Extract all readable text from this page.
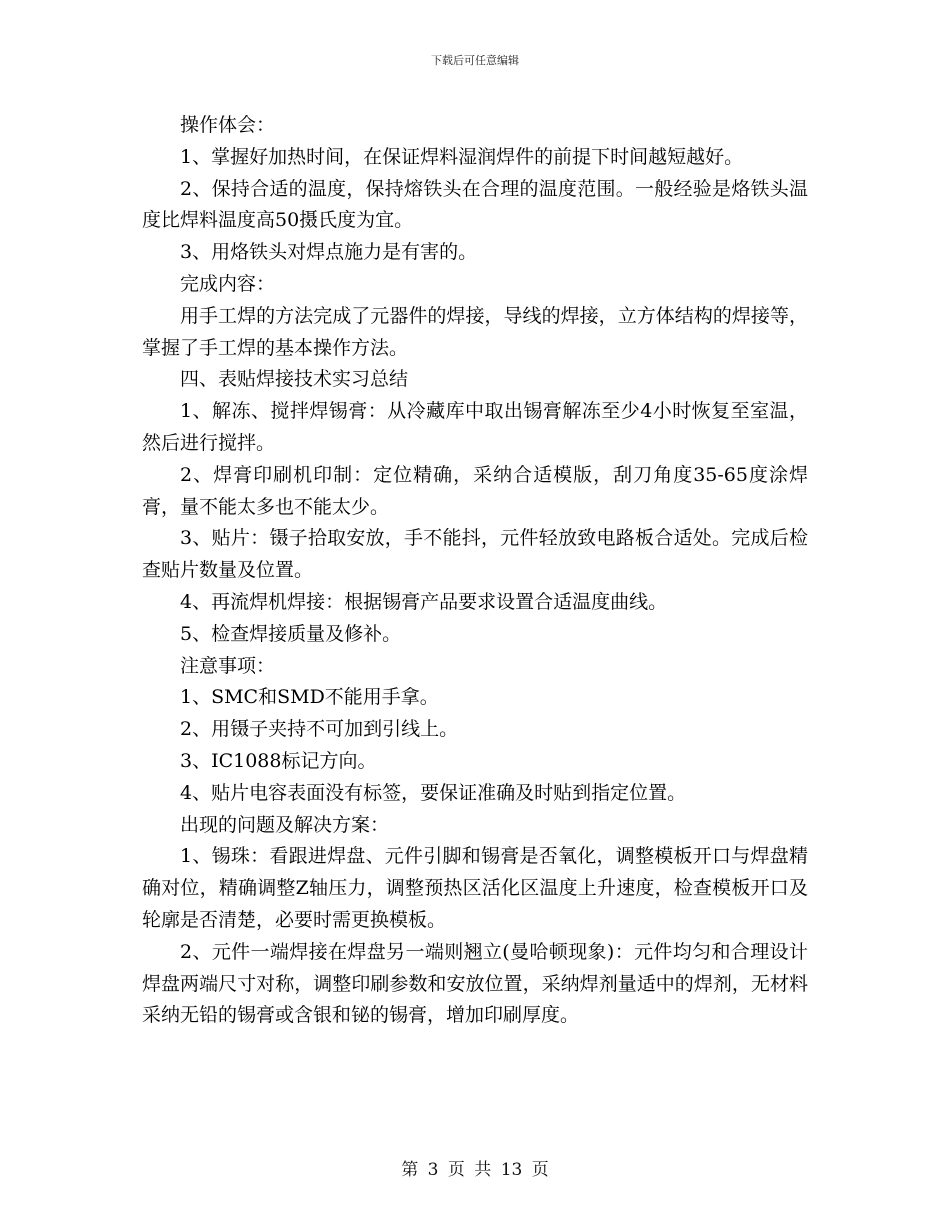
下载后可任意编辑

操作体会：

1、掌握好加热时间，在保证焊料湿润焊件的前提下时间越短越好。

2、保持合适的温度，保持熔铁头在合理的温度范围。一般经验是烙铁头温度比焊料温度高50摄氏度为宜。

3、用烙铁头对焊点施力是有害的。

完成内容：

用手工焊的方法完成了元器件的焊接，导线的焊接，立方体结构的焊接等，掌握了手工焊的基本操作方法。

四、表贴焊接技术实习总结

1、解冻、搅拌焊锡膏：从冷藏库中取出锡膏解冻至少4小时恢复至室温，然后进行搅拌。

2、焊膏印刷机印制：定位精确，采纳合适模版，刮刀角度35-65度涂焊膏，量不能太多也不能太少。

3、贴片：镊子拾取安放，手不能抖，元件轻放致电路板合适处。完成后检查贴片数量及位置。

4、再流焊机焊接：根据锡膏产品要求设置合适温度曲线。

5、检查焊接质量及修补。

注意事项：

1、SMC和SMD不能用手拿。

2、用镊子夹持不可加到引线上。

3、IC1088标记方向。

4、贴片电容表面没有标签，要保证准确及时贴到指定位置。

出现的问题及解决方案：

1、锡珠：看跟进焊盘、元件引脚和锡膏是否氧化，调整模板开口与焊盘精确对位，精确调整Z轴压力，调整预热区活化区温度上升速度，检查模板开口及轮廓是否清楚，必要时需更换模板。

2、元件一端焊接在焊盘另一端则翘立(曼哈顿现象)：元件均匀和合理设计焊盘两端尺寸对称，调整印刷参数和安放位置，采纳焊剂量适中的焊剂，无材料采纳无铅的锡膏或含银和铋的锡膏，增加印刷厚度。

第 3 页 共 13 页
